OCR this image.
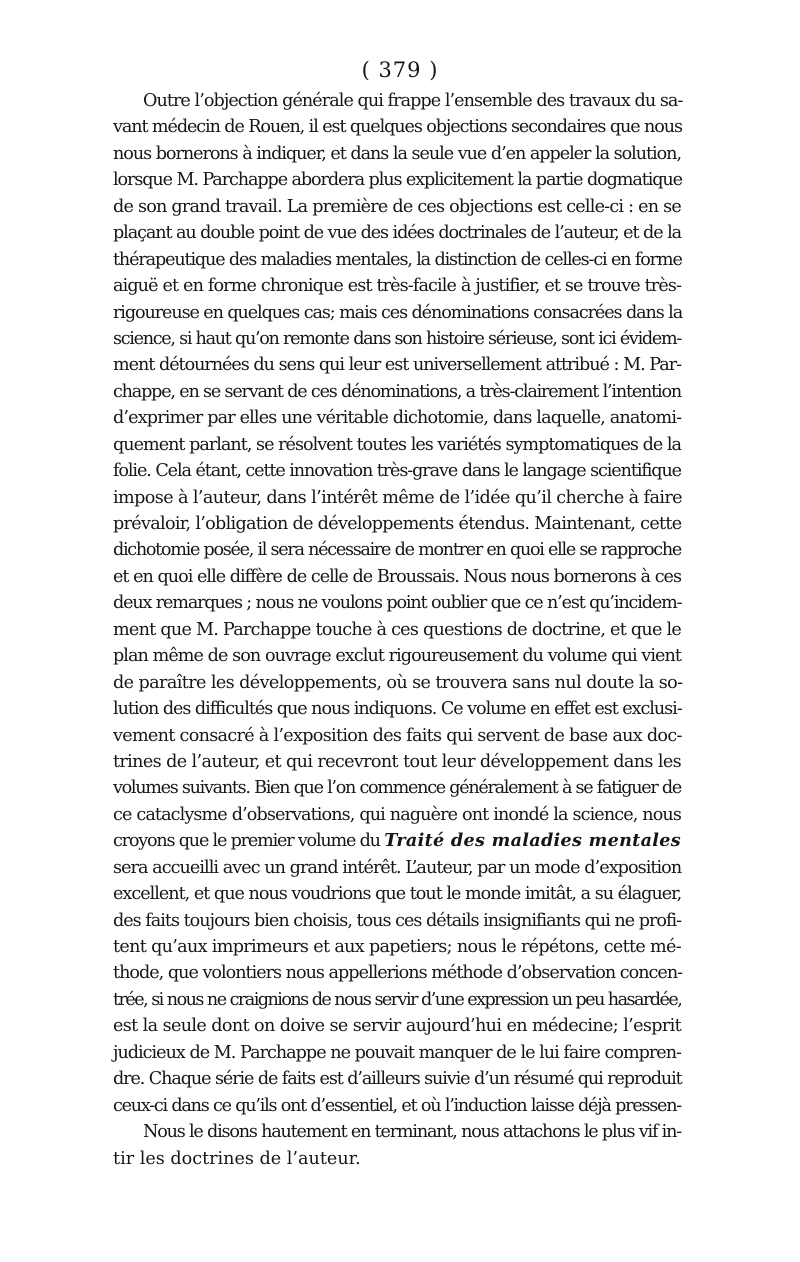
( 379 )
Outre l’objection générale qui frappe l’ensemble des travaux du sa-
vant médecin de Rouen, il est quelques objections secondaires que nous
nous bornerons à indiquer, et dans la seule vue d’en appeler la solution,
lorsque M. Parchappe abordera plus explicitement la partie dogmatique
de son grand travail. La première de ces objections est celle-ci : en se
plaçant au double point de vue des idées doctrinales de l’auteur, et de la
thérapeutique des maladies mentales, la distinction de celles-ci en forme
aiguë et en forme chronique est très-facile à justifier, et se trouve très-
rigoureuse en quelques cas; mais ces dénominations consacrées dans la
science, si haut qu’on remonte dans son histoire sérieuse, sont ici évidem-
ment détournées du sens qui leur est universellement attribué : M. Par-
chappe, en se servant de ces dénominations, a très-clairement l’intention
d’exprimer par elles une véritable dichotomie, dans laquelle, anatomi-
quement parlant, se résolvent toutes les variétés symptomatiques de la
folie. Cela étant, cette innovation très-grave dans le langage scientifique
impose à l’auteur, dans l’intérêt même de l’idée qu’il cherche à faire
prévaloir, l’obligation de développements étendus. Maintenant, cette
dichotomie posée, il sera nécessaire de montrer en quoi elle se rapproche
et en quoi elle diffère de celle de Broussais. Nous nous bornerons à ces
deux remarques ; nous ne voulons point oublier que ce n’est qu’incidem-
ment que M. Parchappe touche à ces questions de doctrine, et que le
plan même de son ouvrage exclut rigoureusement du volume qui vient
de paraître les développements, où se trouvera sans nul doute la so-
lution des difficultés que nous indiquons. Ce volume en effet est exclusi-
vement consacré à l’exposition des faits qui servent de base aux doc-
trines de l’auteur, et qui recevront tout leur développement dans les
volumes suivants. Bien que l’on commence généralement à se fatiguer de
ce cataclysme d’observations, qui naguère ont inondé la science, nous
croyons que le premier volume du Traité des maladies mentales
sera accueilli avec un grand intérêt. L’auteur, par un mode d’exposition
excellent, et que nous voudrions que tout le monde imitât, a su élaguer,
des faits toujours bien choisis, tous ces détails insignifiants qui ne profi-
tent qu’aux imprimeurs et aux papetiers; nous le répétons, cette mé-
thode, que volontiers nous appellerions méthode d’observation concen-
trée, si nous ne craignions de nous servir d’une expression un peu hasardée,
est la seule dont on doive se servir aujourd’hui en médecine; l’esprit
judicieux de M. Parchappe ne pouvait manquer de le lui faire compren-
dre. Chaque série de faits est d’ailleurs suivie d’un résumé qui reproduit
ceux-ci dans ce qu’ils ont d’essentiel, et où l’induction laisse déjà pressen-
Nous le disons hautement en terminant, nous attachons le plus vif in-
tir les doctrines de l’auteur.
